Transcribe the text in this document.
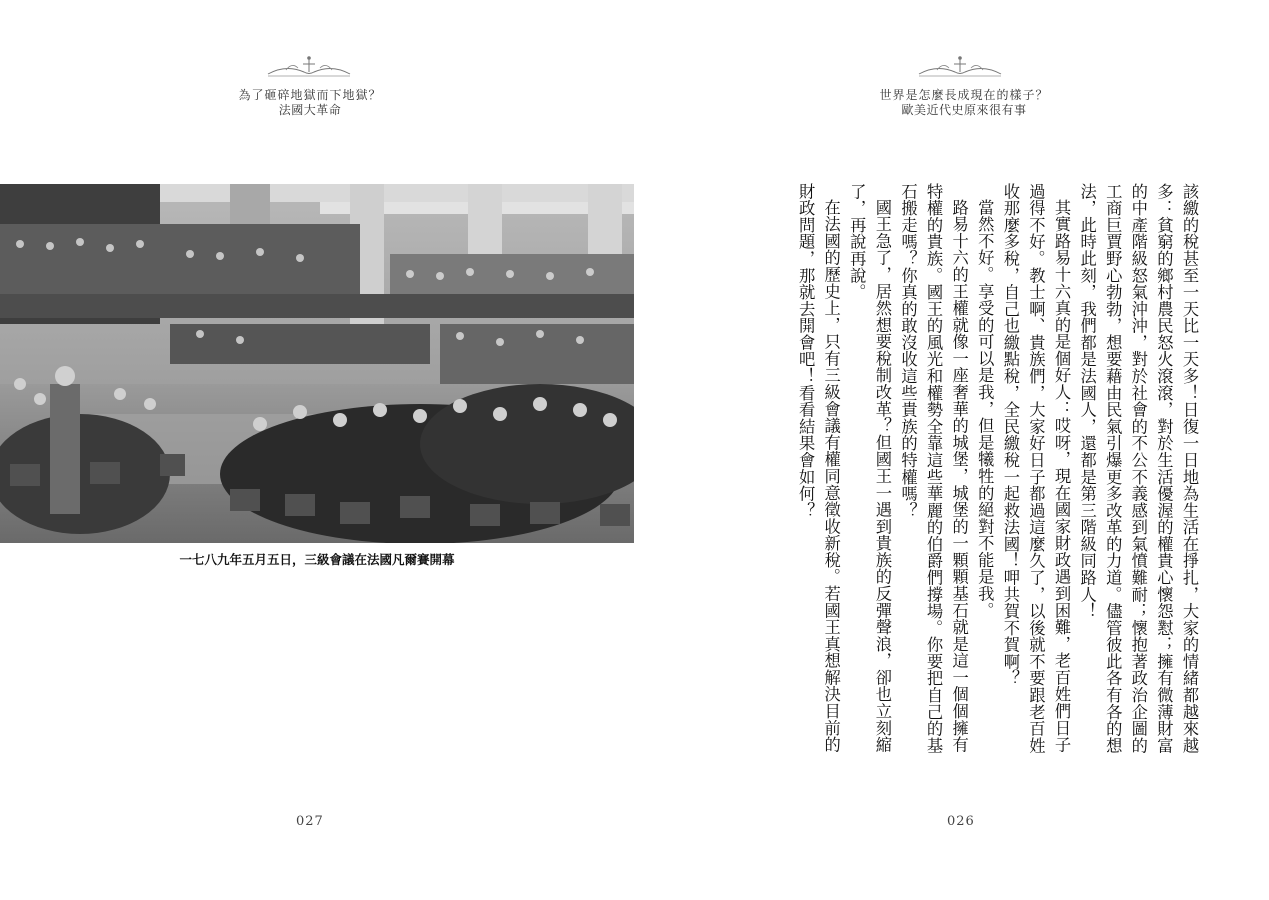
為了砸碎地獄而下地獄？
法國大革命
一七八九年五月五日，三級會議在法國凡爾賽開幕
027
世界是怎麼長成現在的樣子？
歐美近代史原來很有事

該繳的稅甚至一天比一天多！日復一日地為生活在掙扎，大家的情緒都越來越多：貧窮的鄉村農民怒火滾滾，對於生活優渥的權貴心懷怨懟；擁有微薄財富的中產階級怒氣沖沖，對於社會的不公不義感到氣憤難耐；懷抱著政治企圖的工商巨賈野心勃勃，想要藉由民氣引爆更多改革的力道。儘管彼此各有各的想法，此時此刻，我們都是法國人，還都是第三階級同路人！

其實路易十六真的是個好人：哎呀，現在國家財政遇到困難，老百姓們日子過得不好。教士啊、貴族們，大家好日子都過這麼久了，以後就不要跟老百姓收那麼多稅，自己也繳點稅，全民繳稅一起救法國！呷共賀不賀啊？

當然不好。享受的可以是我，但是犧牲的絕對不能是我。

路易十六的王權就像一座奢華的城堡，城堡的一顆顆基石就是這一個個擁有特權的貴族。國王的風光和權勢全靠這些華麗的伯爵們撐場。你要把自己的基石搬走嗎？你真的敢沒收這些貴族的特權嗎？

國王急了，居然想要稅制改革？但國王一遇到貴族的反彈聲浪，卻也立刻縮了，再說再說。

在法國的歷史上，只有三級會議有權同意徵收新稅。若國王真想解決目前的財政問題，那就去開會吧！看看結果會如何？

026
